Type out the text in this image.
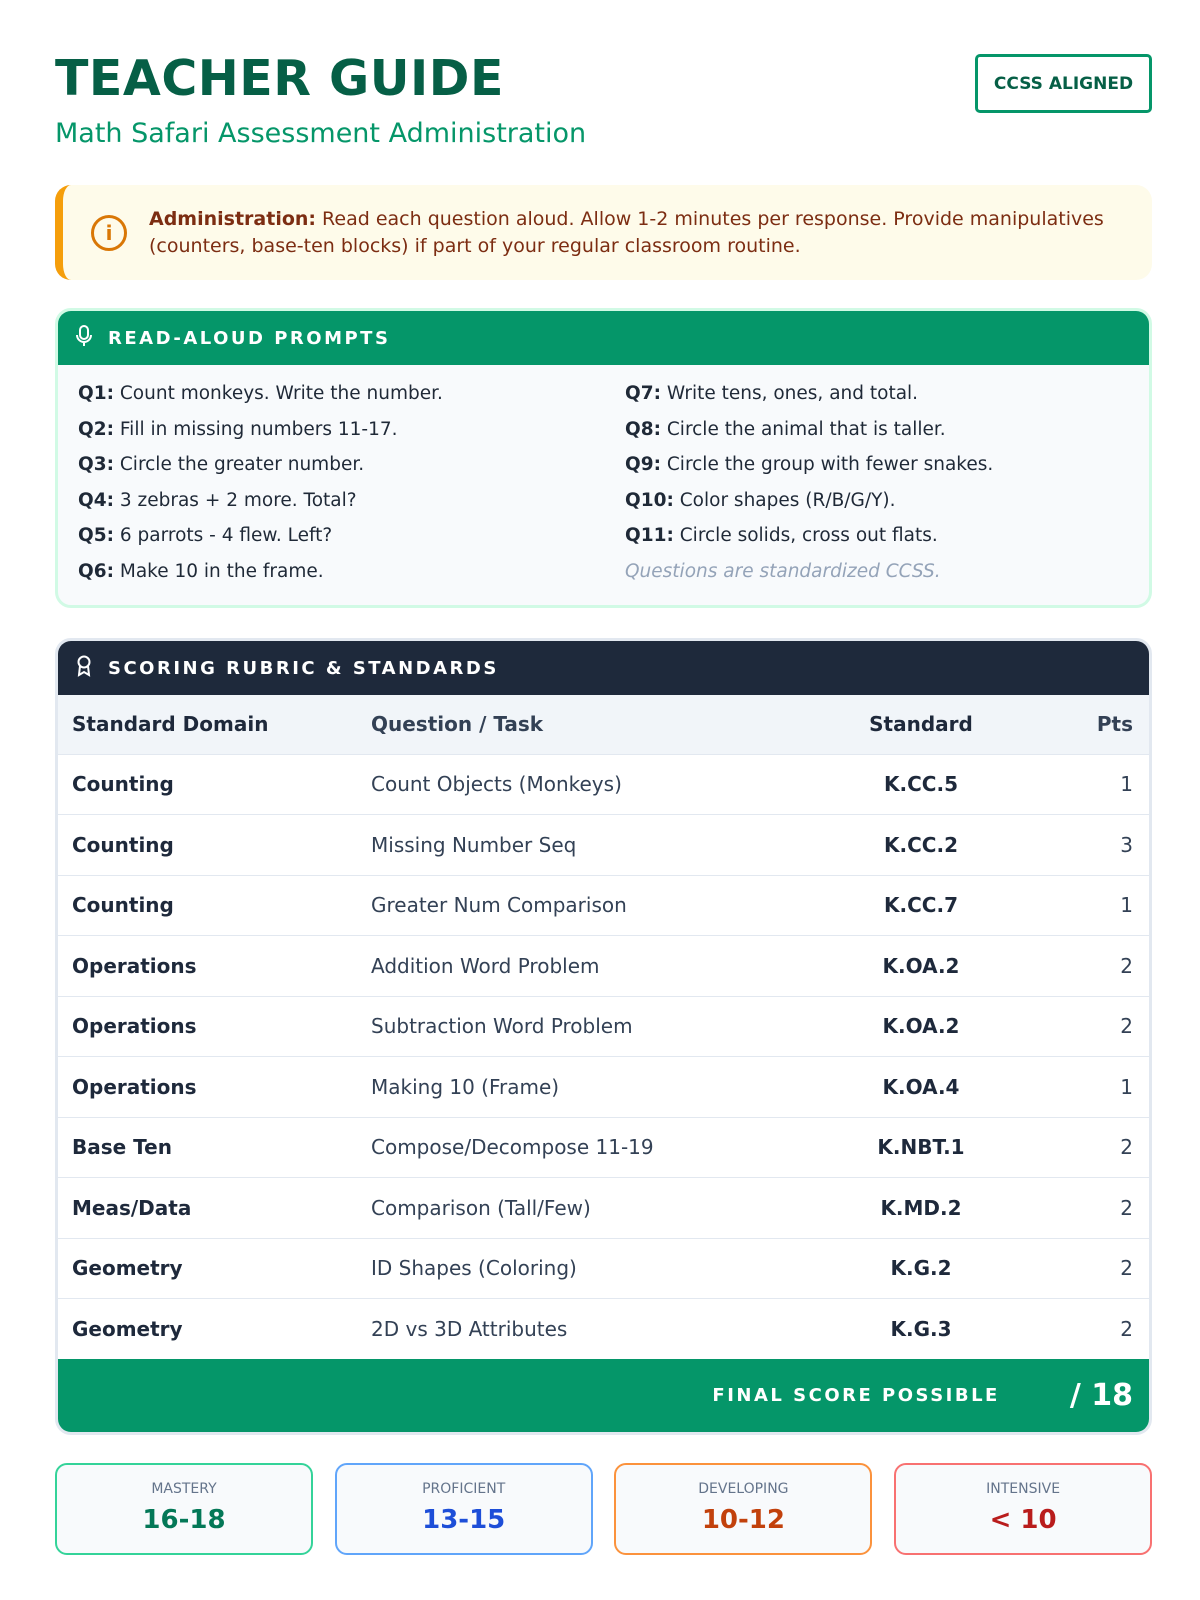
TEACHER GUIDE
Math Safari Assessment Administration
CCSS ALIGNED
i
Administration: Read each question aloud. Allow 1-2 minutes per response. Provide manipulatives (counters, base-ten blocks) if part of your regular classroom routine.
READ-ALOUD PROMPTS
Q1: Count monkeys. Write the number.	Q7: Write tens, ones, and total.
Q2: Fill in missing numbers 11-17.	Q8: Circle the animal that is taller.
Q3: Circle the greater number.	Q9: Circle the group with fewer snakes.
Q4: 3 zebras + 2 more. Total?	Q10: Color shapes (R/B/G/Y).
Q5: 6 parrots - 4 flew. Left?	Q11: Circle solids, cross out flats.
Q6: Make 10 in the frame.	Questions are standardized CCSS.
SCORING RUBRIC & STANDARDS
Standard Domain	Question / Task	Standard	Pts
Counting	Count Objects (Monkeys)	K.CC.5	1
Counting	Missing Number Seq	K.CC.2	3
Counting	Greater Num Comparison	K.CC.7	1
Operations	Addition Word Problem	K.OA.2	2
Operations	Subtraction Word Problem	K.OA.2	2
Operations	Making 10 (Frame)	K.OA.4	1
Base Ten	Compose/Decompose 11-19	K.NBT.1	2
Meas/Data	Comparison (Tall/Few)	K.MD.2	2
Geometry	ID Shapes (Coloring)	K.G.2	2
Geometry	2D vs 3D Attributes	K.G.3	2
FINAL SCORE POSSIBLE / 18
MASTERY
16-18
PROFICIENT
13-15
DEVELOPING
10-12
INTENSIVE
< 10
